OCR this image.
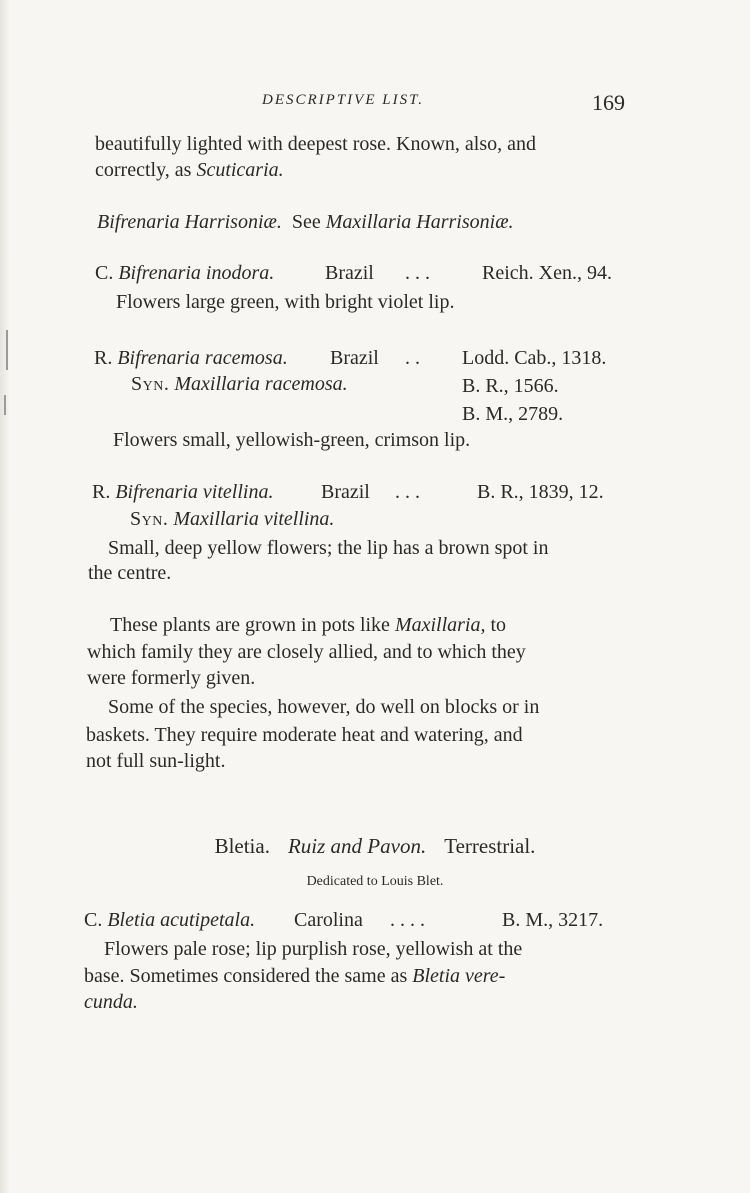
DESCRIPTIVE LIST.	169
beautifully lighted with deepest rose. Known, also, and
correctly, as Scuticaria.
Bifrenaria Harrisoniæ. See Maxillaria Harrisoniæ.
C. Bifrenaria inodora.	Brazil . . .	Reich. Xen., 94.
Flowers large green, with bright violet lip.
R. Bifrenaria racemosa. Brazil . . Lodd. Cab., 1318.
Syn. Maxillaria racemosa.	B. R., 1566.
B. M., 2789.
Flowers small, yellowish-green, crimson lip.
R. Bifrenaria vitellina. Brazil . . .	B. R., 1839, 12.
Syn. Maxillaria vitellina.
Small, deep yellow flowers; the lip has a brown spot in
the centre.
These plants are grown in pots like Maxillaria, to
which family they are closely allied, and to which they
were formerly given.
Some of the species, however, do well on blocks or in
baskets. They require moderate heat and watering, and
not full sun-light.
Bletia. Ruiz and Pavon. Terrestrial.
Dedicated to Louis Blet.
C. Bletia acutipetala. Carolina . . . .	B. M., 3217.
Flowers pale rose; lip purplish rose, yellowish at the
base. Sometimes considered the same as Bletia vere-
cunda.
